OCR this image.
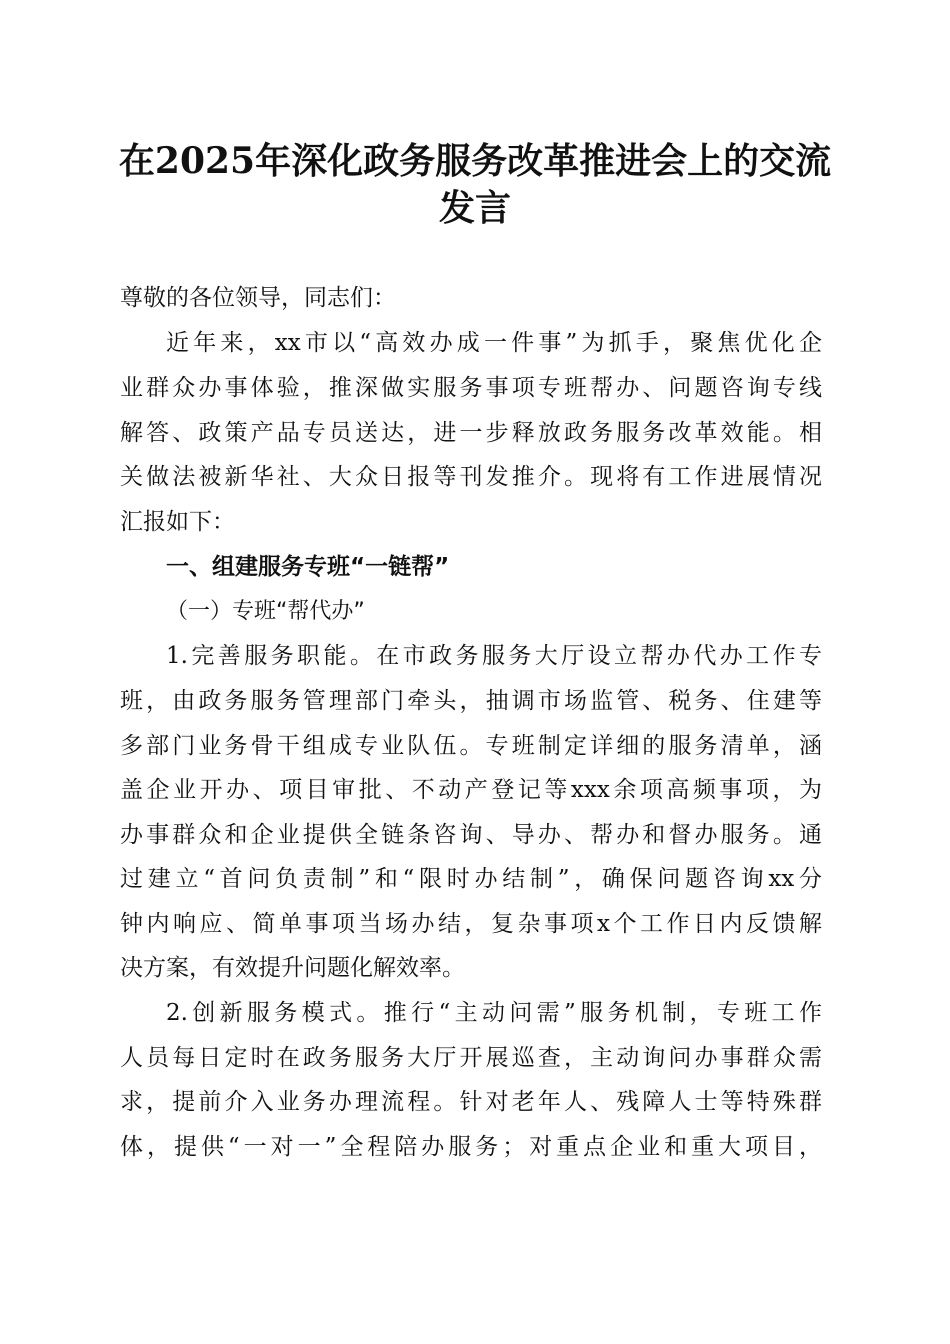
在2025年深化政务服务改革推进会上的交流
发言

尊敬的各位领导，同志们：

近年来，xx市以“高效办成一件事”为抓手，聚焦优化企

业群众办事体验，推深做实服务事项专班帮办、问题咨询专线

解答、政策产品专员送达，进一步释放政务服务改革效能。相

关做法被新华社、大众日报等刊发推介。现将有工作进展情况

汇报如下：

一、组建服务专班“一链帮”

（一）专班“帮代办”

1.完善服务职能。在市政务服务大厅设立帮办代办工作专

班，由政务服务管理部门牵头，抽调市场监管、税务、住建等

多部门业务骨干组成专业队伍。专班制定详细的服务清单，涵

盖企业开办、项目审批、不动产登记等xxx余项高频事项，为

办事群众和企业提供全链条咨询、导办、帮办和督办服务。通

过建立“首问负责制”和“限时办结制”，确保问题咨询xx分

钟内响应、简单事项当场办结，复杂事项x个工作日内反馈解

决方案，有效提升问题化解效率。

2.创新服务模式。推行“主动问需”服务机制，专班工作

人员每日定时在政务服务大厅开展巡查，主动询问办事群众需

求，提前介入业务办理流程。针对老年人、残障人士等特殊群

体，提供“一对一”全程陪办服务；对重点企业和重大项目，
